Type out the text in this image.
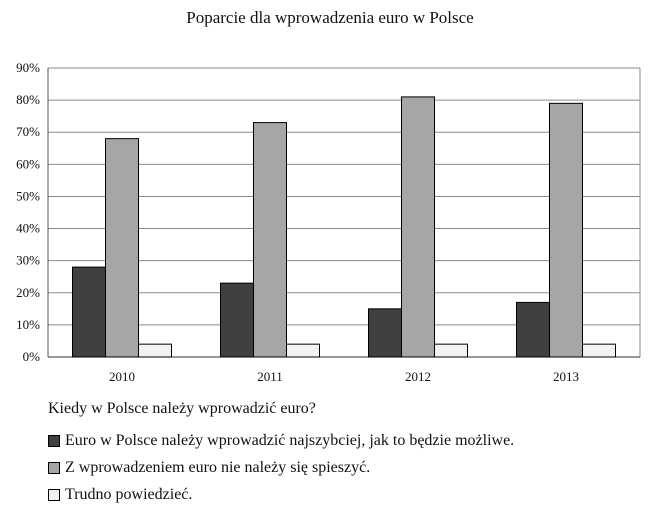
Poparcie dla wprowadzenia euro w Polsce
0%
10%
20%
30%
40%
50%
60%
70%
80%
90%
2010	2011	2012	2013
Kiedy w Polsce należy wprowadzić euro?
Euro w Polsce należy wprowadzić najszybciej, jak to będzie możliwe.
Z wprowadzeniem euro nie należy się spieszyć.
Trudno powiedzieć.
